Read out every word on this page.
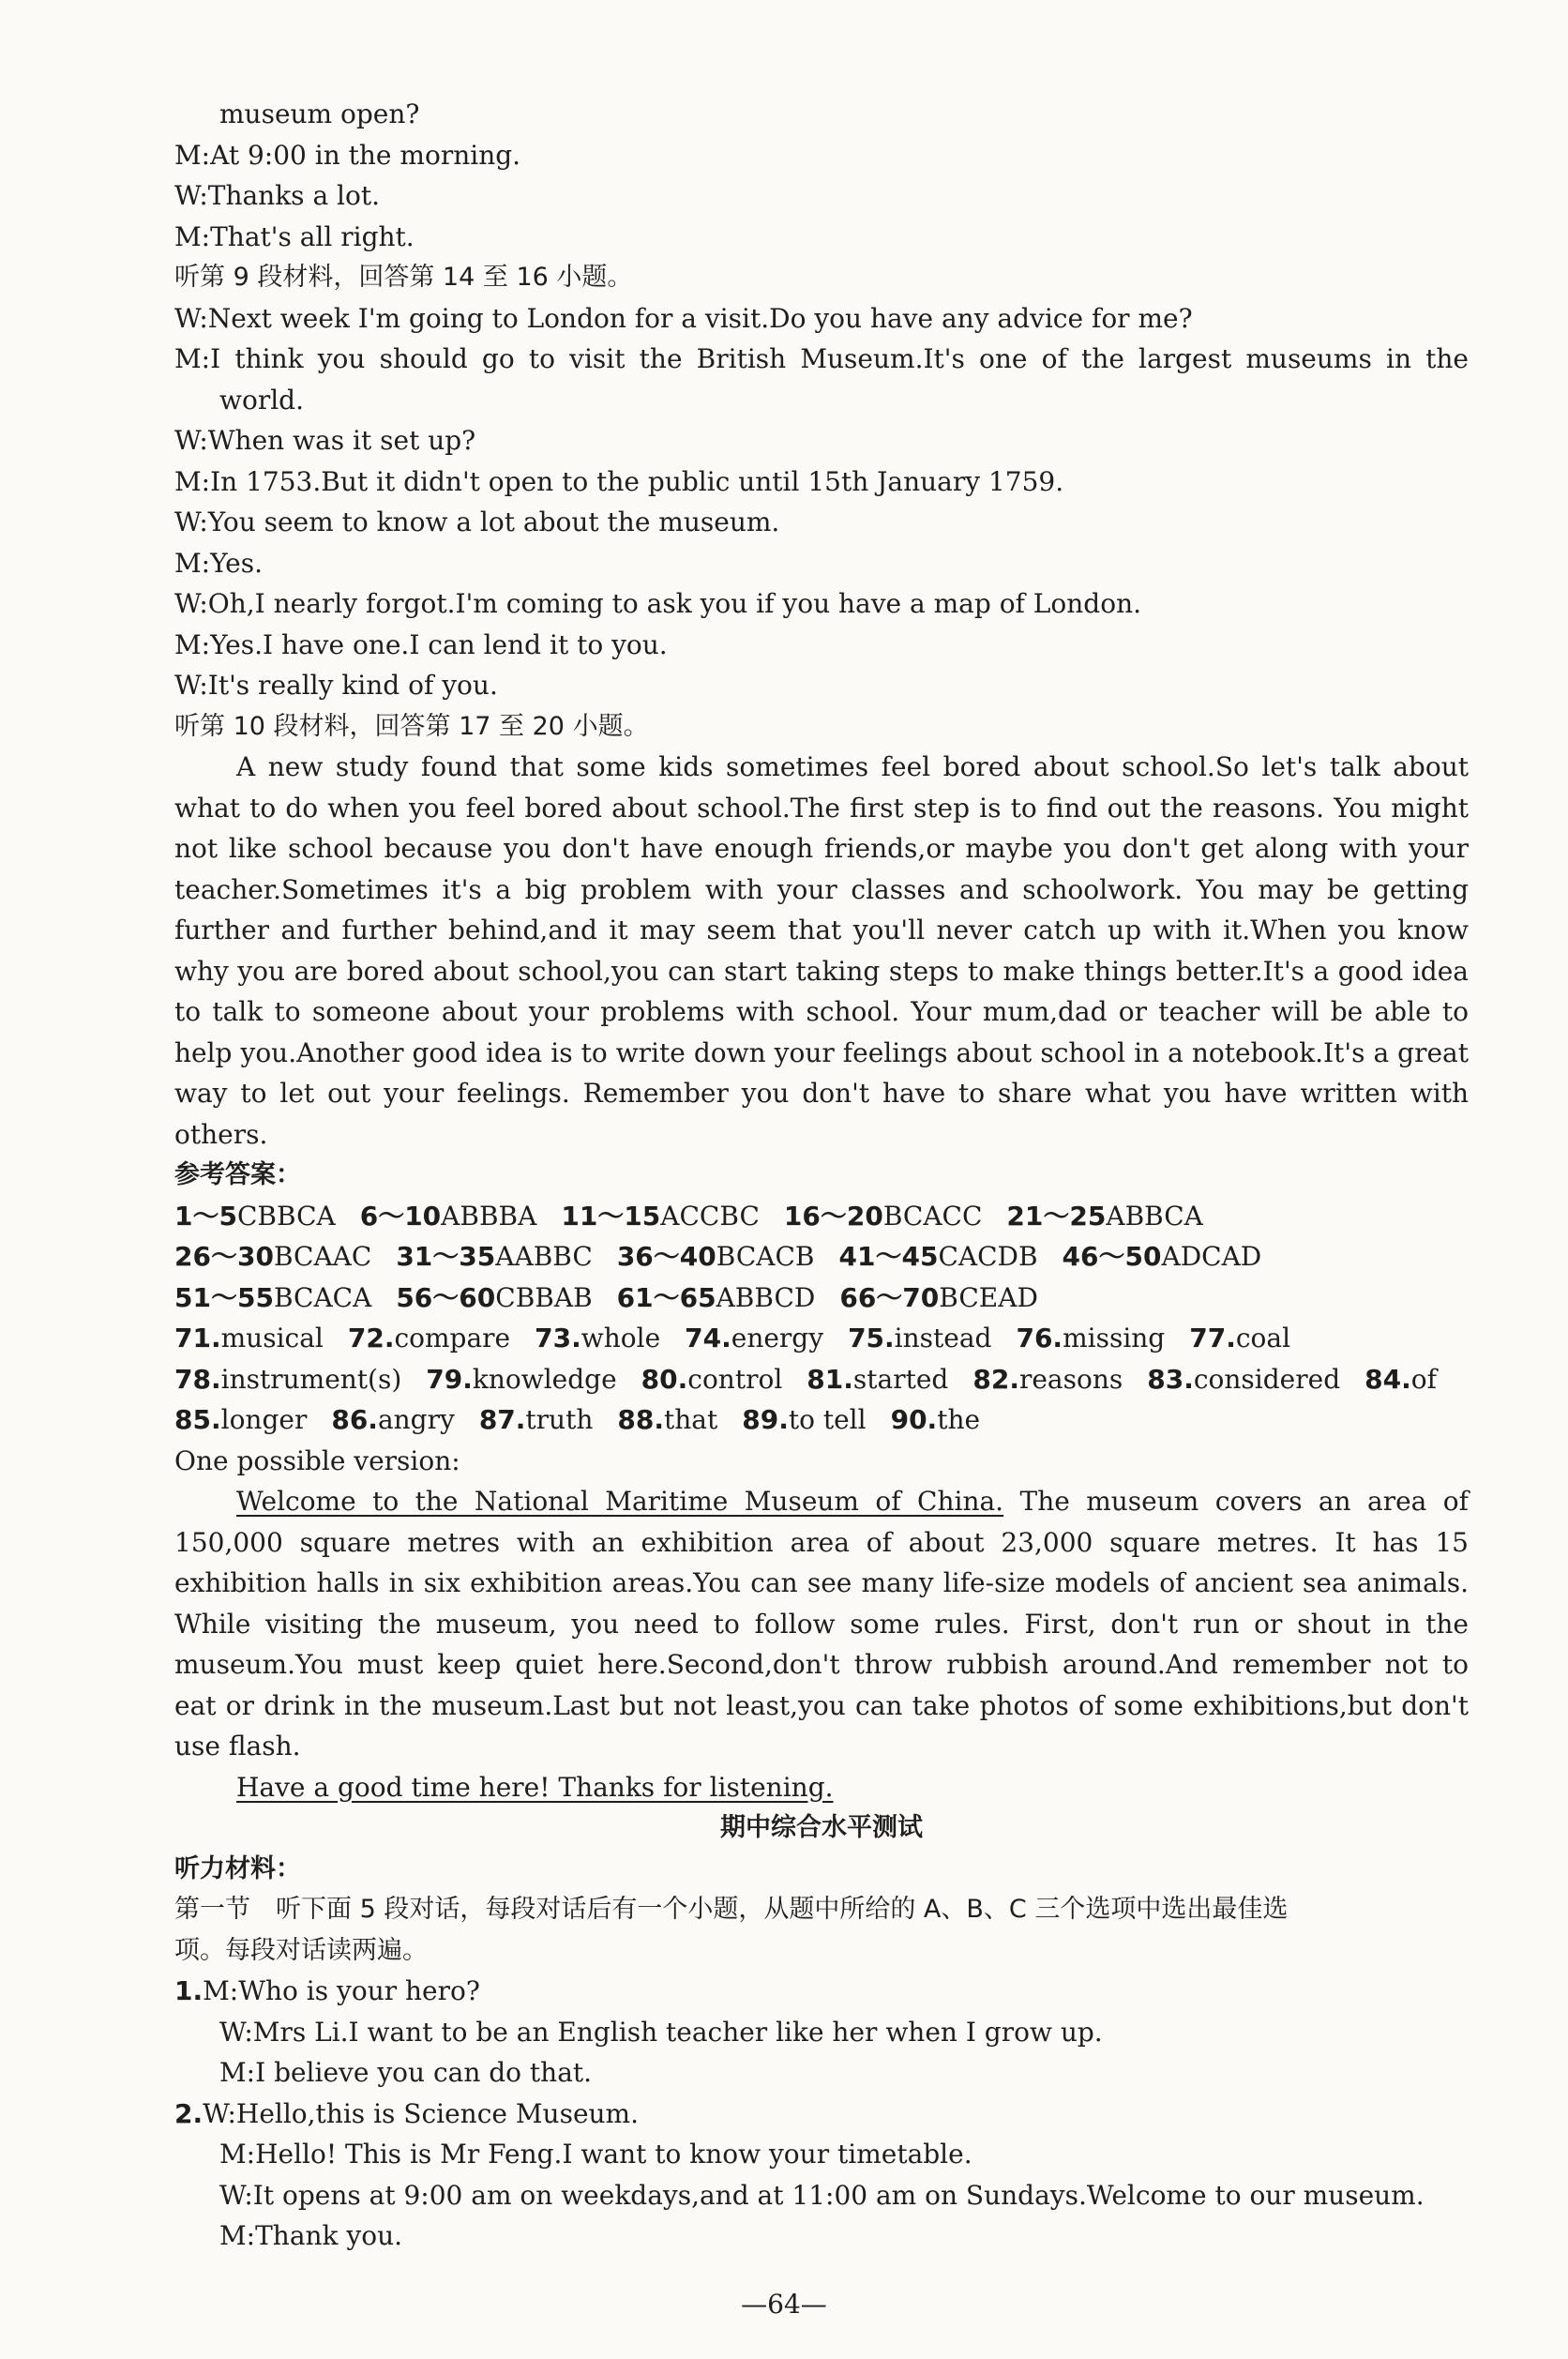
museum open?
M:At 9:00 in the morning.
W:Thanks a lot.
M:That's all right.
听第 9 段材料，回答第 14 至 16 小题。
W:Next week I'm going to London for a visit.Do you have any advice for me?
M:I think you should go to visit the British Museum.It's one of the largest museums in the
world.
W:When was it set up?
M:In 1753.But it didn't open to the public until 15th January 1759.
W:You seem to know a lot about the museum.
M:Yes.
W:Oh,I nearly forgot.I'm coming to ask you if you have a map of London.
M:Yes.I have one.I can lend it to you.
W:It's really kind of you.
听第 10 段材料，回答第 17 至 20 小题。
A new study found that some kids sometimes feel bored about school.So let's talk about
what to do when you feel bored about school.The first step is to find out the reasons. You might
not like school because you don't have enough friends,or maybe you don't get along with your
teacher.Sometimes it's a big problem with your classes and schoolwork. You may be getting
further and further behind,and it may seem that you'll never catch up with it.When you know
why you are bored about school,you can start taking steps to make things better.It's a good idea
to talk to someone about your problems with school. Your mum,dad or teacher will be able to
help you.Another good idea is to write down your feelings about school in a notebook.It's a great
way to let out your feelings. Remember you don't have to share what you have written with
others.
参考答案：
1～5CBBCA 6～10ABBBA 11～15ACCBC 16～20BCACC 21～25ABBCA
26～30BCAAC 31～35AABBC 36～40BCACB 41～45CACDB 46～50ADCAD
51～55BCACA 56～60CBBAB 61～65ABBCD 66～70BCEAD
71.musical 72.compare 73.whole 74.energy 75.instead 76.missing 77.coal
78.instrument(s) 79.knowledge 80.control 81.started 82.reasons 83.considered 84.of
85.longer 86.angry 87.truth 88.that 89.to tell 90.the
One possible version:
Welcome to the National Maritime Museum of China. The museum covers an area of
150,000 square metres with an exhibition area of about 23,000 square metres. It has 15
exhibition halls in six exhibition areas.You can see many life-size models of ancient sea animals.
While visiting the museum, you need to follow some rules. First, don't run or shout in the
museum.You must keep quiet here.Second,don't throw rubbish around.And remember not to
eat or drink in the museum.Last but not least,you can take photos of some exhibitions,but don't
use flash.
Have a good time here! Thanks for listening.
期中综合水平测试
听力材料：
第一节　听下面 5 段对话，每段对话后有一个小题，从题中所给的 A、B、C 三个选项中选出最佳选
项。每段对话读两遍。
1.M:Who is your hero?
W:Mrs Li.I want to be an English teacher like her when I grow up.
M:I believe you can do that.
2.W:Hello,this is Science Museum.
M:Hello! This is Mr Feng.I want to know your timetable.
W:It opens at 9:00 am on weekdays,and at 11:00 am on Sundays.Welcome to our museum.
M:Thank you.
—64—
